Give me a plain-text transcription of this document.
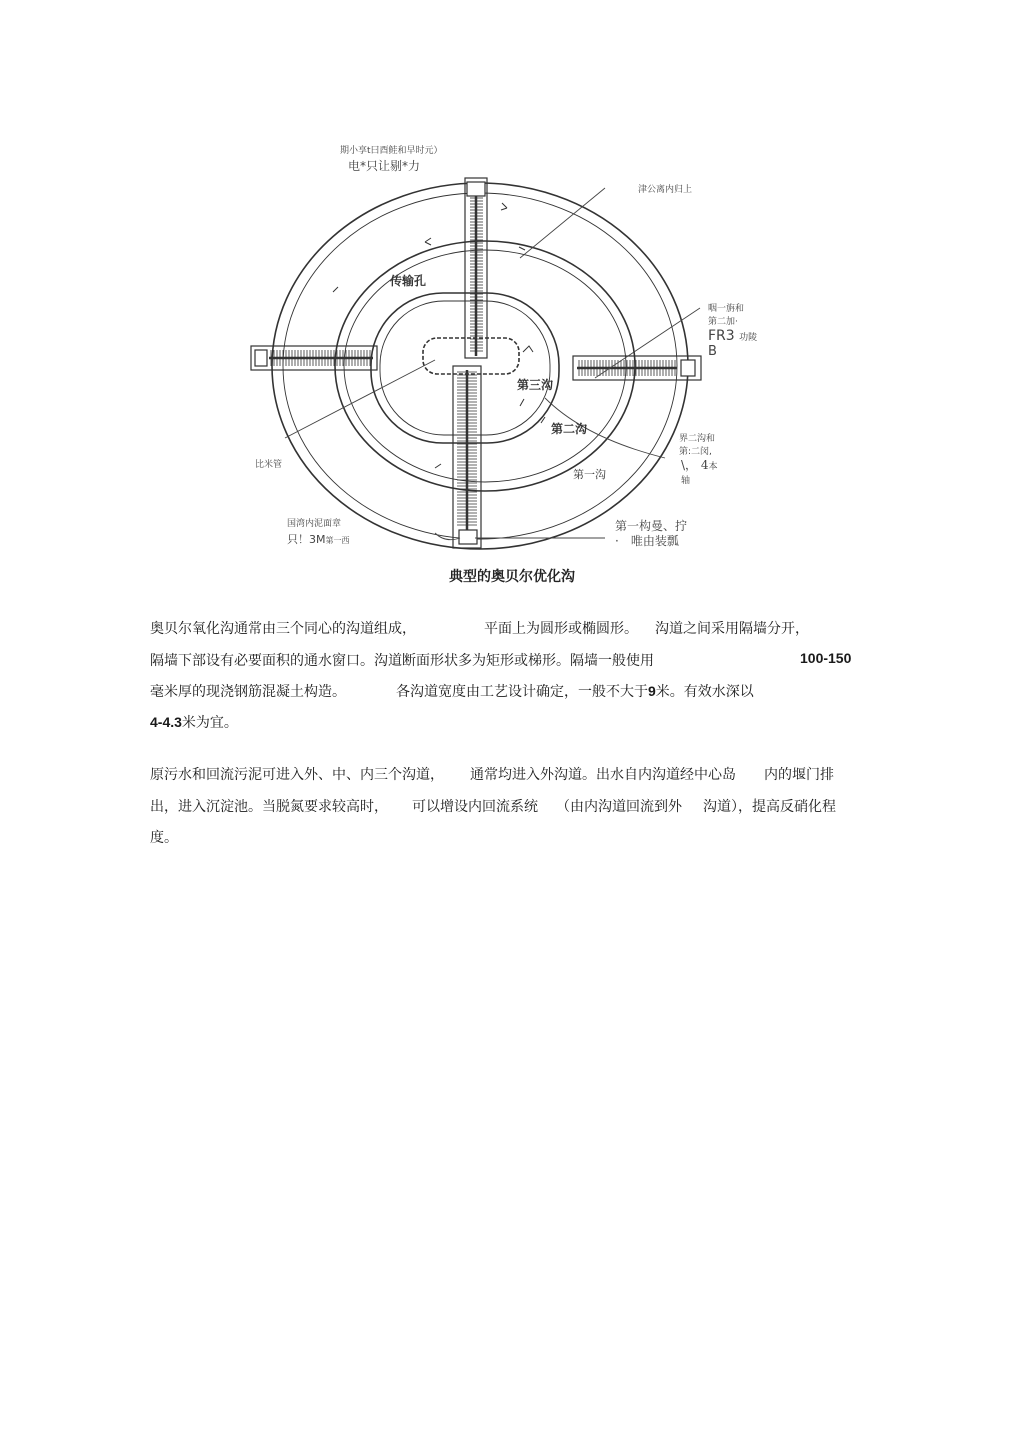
期小享t曰酉鲑和早时元）
电*只让剔*力
津公离内归上
传输孔
咽一旃和
第二加·
FR3 功陵
B
第三沟
第二沟
第一沟
界二沟和
第:二闵,
\， 4本
轴
比米管
国湾内泥面章
只！3M第一西
第一构曼、拧
·　唯由装瓢
典型的奥贝尔优化沟
奥贝尔氧化沟通常由三个同心的沟道组成，	平面上为圆形或椭圆形。 沟道之间采用隔墙分开，
隔墙下部设有必要面积的通水窗口。沟道断面形状多为矩形或梯形。隔墙一般使用	100-150
毫米厚的现浇钢筋混凝土构造。	各沟道宽度由工艺设计确定，一般不大于9米。有效水深以
4-4.3米为宜。
原污水和回流污泥可进入外、中、内三个沟道， 通常均进入外沟道。出水自内沟道经中心岛 内的堰门排
出，进入沉淀池。当脱氮要求较高时， 可以增设内回流系统 （由内沟道回流到外 沟道），提高反硝化程
度。
